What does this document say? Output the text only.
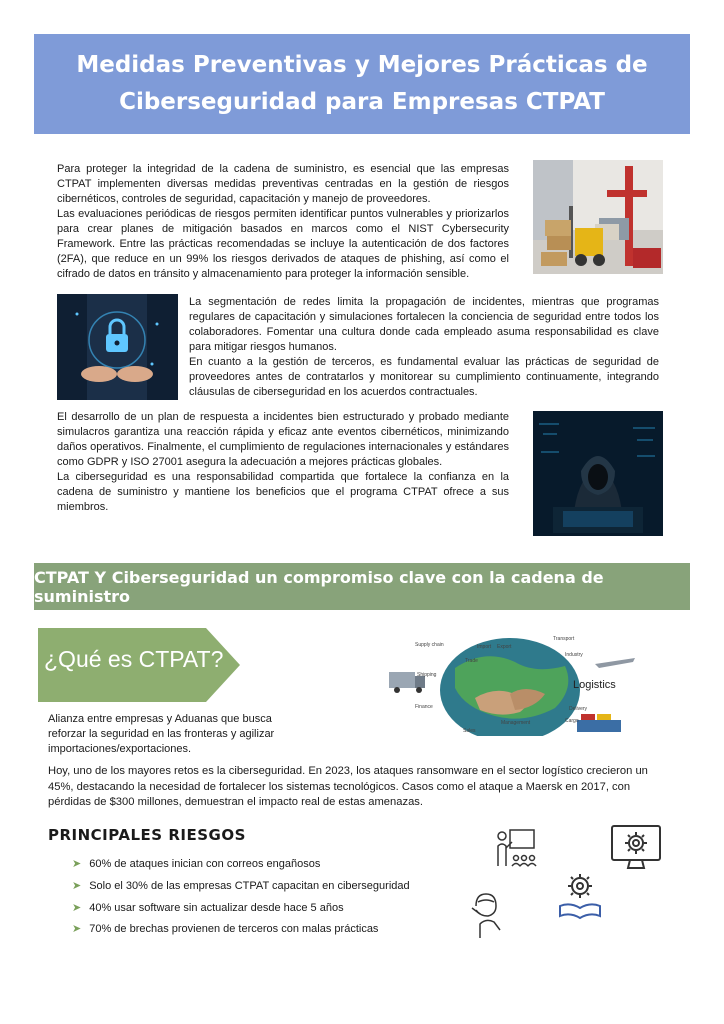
Medidas Preventivas y Mejores Prácticas de Ciberseguridad para Empresas CTPAT

Para proteger la integridad de la cadena de suministro, es esencial que las empresas CTPAT implementen diversas medidas preventivas centradas en la gestión de riesgos cibernéticos, controles de seguridad, capacitación y manejo de proveedores.

Las evaluaciones periódicas de riesgos permiten identificar puntos vulnerables y priorizarlos para crear planes de mitigación basados en marcos como el NIST Cybersecurity Framework. Entre las prácticas recomendadas se incluye la autenticación de dos factores (2FA), que reduce en un 99% los riesgos derivados de ataques de phishing, así como el cifrado de datos en tránsito y almacenamiento para proteger la información sensible.

La segmentación de redes limita la propagación de incidentes, mientras que programas regulares de capacitación y simulaciones fortalecen la conciencia de seguridad entre todos los colaboradores. Fomentar una cultura donde cada empleado asuma responsabilidad es clave para mitigar riesgos humanos.

En cuanto a la gestión de terceros, es fundamental evaluar las prácticas de seguridad de proveedores antes de contratarlos y monitorear su cumplimiento continuamente, integrando cláusulas de ciberseguridad en los acuerdos contractuales.

El desarrollo de un plan de respuesta a incidentes bien estructurado y probado mediante simulacros garantiza una reacción rápida y eficaz ante eventos cibernéticos, minimizando daños operativos. Finalmente, el cumplimiento de regulaciones internacionales y estándares como GDPR y ISO 27001 asegura la adecuación a mejores prácticas globales.

La ciberseguridad es una responsabilidad compartida que fortalece la confianza en la cadena de suministro y mantiene los beneficios que el programa CTPAT ofrece a sus miembros.

CTPAT Y Ciberseguridad un compromiso clave con la cadena de suministro
¿Qué es CTPAT?

Alianza entre empresas y Aduanas que busca reforzar la seguridad en las fronteras y agilizar importaciones/exportaciones.

Logistics
Supply chain	Import Export
Transport
Trade
Industry
Shipping
Finance	Delivery
Sales
Cargo
Management

Hoy, uno de los mayores retos es la ciberseguridad. En 2023, los ataques ransomware en el sector logístico crecieron un 45%, destacando la necesidad de fortalecer los sistemas tecnológicos. Casos como el ataque a Maersk en 2017, con pérdidas de $300 millones, demuestran el impacto real de estas amenazas.

PRINCIPALES RIESGOS
➤ 60% de ataques inician con correos engañosos
➤ Solo el 30% de las empresas CTPAT capacitan en ciberseguridad
➤ 40% usar software sin actualizar desde hace 5 años
➤ 70% de brechas provienen de terceros con malas prácticas
